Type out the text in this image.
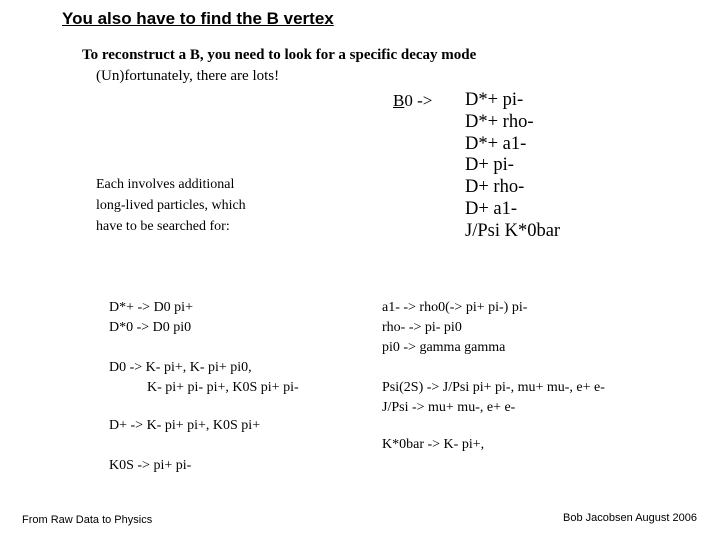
You also have to find the B vertex
To reconstruct a B, you need to look for a specific decay mode
(Un)fortunately, there are lots!
B0 -> D*+ pi-
D*+ rho-
D*+ a1-
D+ pi-
D+ rho-
D+ a1-
J/Psi K*0bar
Each involves additional
long-lived particles, which
have to be searched for:
D*+ -> D0 pi+
D*0 -> D0 pi0
D0 -> K- pi+, K- pi+ pi0,
K- pi+ pi- pi+, K0S pi+ pi-
D+ -> K- pi+ pi+, K0S pi+
K0S -> pi+ pi-
a1- -> rho0(-> pi+ pi-) pi-
rho- -> pi- pi0
pi0 -> gamma gamma
Psi(2S) -> J/Psi pi+ pi-, mu+ mu-, e+ e-
J/Psi -> mu+ mu-, e+ e-
K*0bar -> K- pi+,
From Raw Data to Physics	Bob Jacobsen August 2006
